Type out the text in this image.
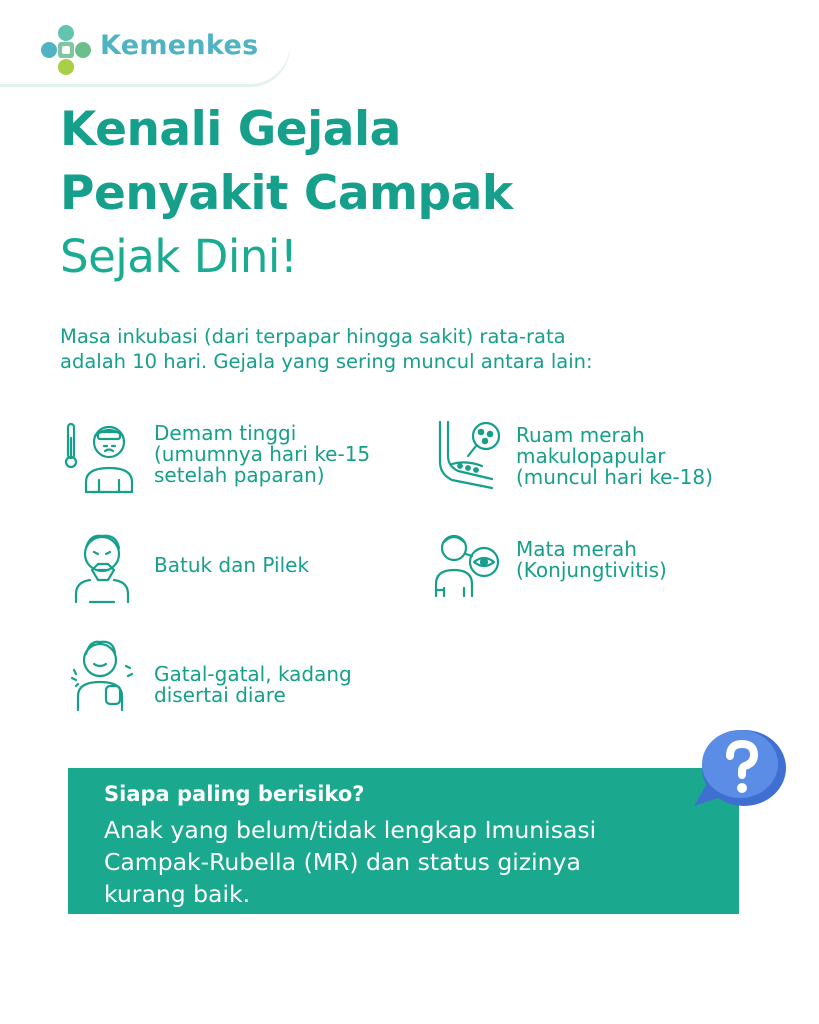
Kemenkes
Kenali Gejala
Penyakit Campak
Sejak Dini!

Masa inkubasi (dari terpapar hingga sakit) rata-rata
adalah 10 hari. Gejala yang sering muncul antara lain:

Demam tinggi
(umumnya hari ke-15
setelah paparan)
Ruam merah
makulopapular
(muncul hari ke-18)
Batuk dan Pilek
Mata merah
(Konjungtivitis)
Gatal-gatal, kadang
disertai diare

Siapa paling berisiko?

Anak yang belum/tidak lengkap Imunisasi
Campak-Rubella (MR) dan status gizinya
kurang baik.
